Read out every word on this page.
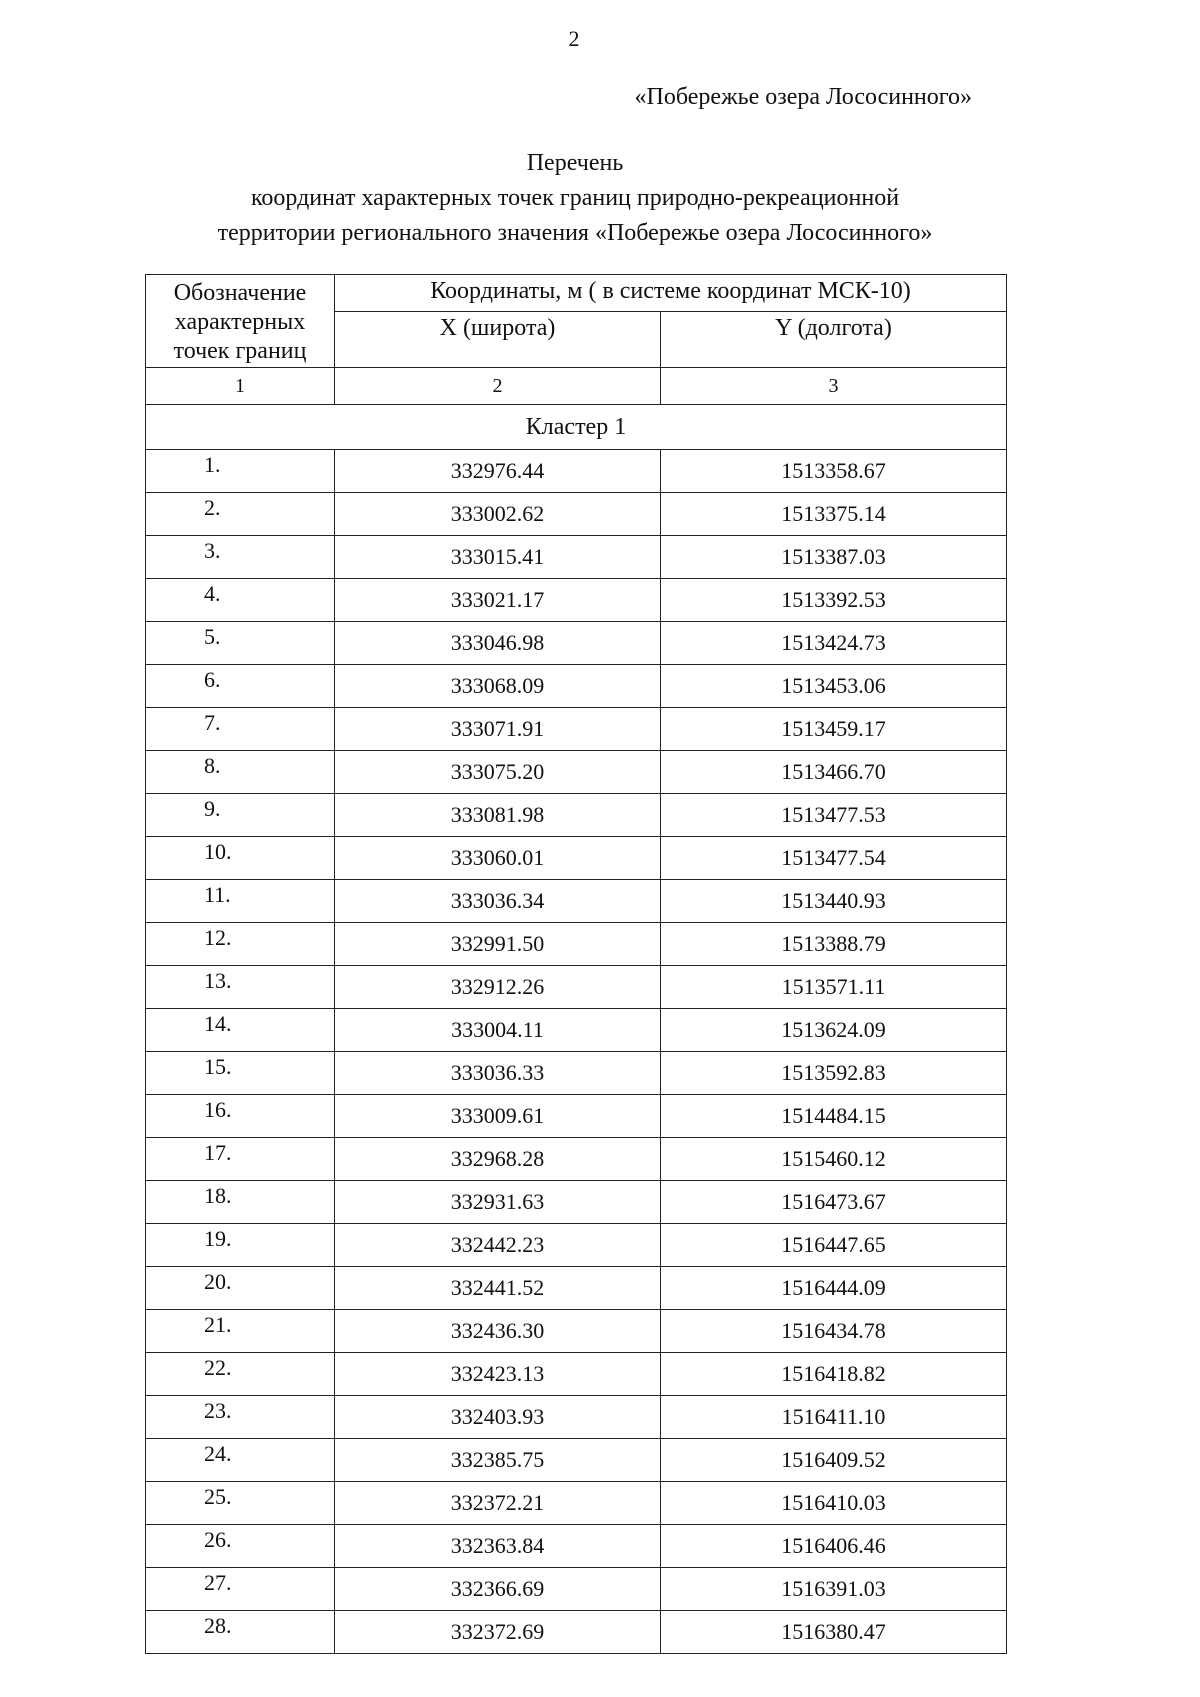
2
«Побережье озера Лососинного»
Перечень
координат характерных точек границ природно-рекреационной
территории регионального значения «Побережье озера Лососинного»
Обозначение характерных точек границ	Координаты, м ( в системе координат МСК-10)	
	X (широта)	Y (долгота)
1	2	3
Кластер 1		
1.	332976.44	1513358.67
2.	333002.62	1513375.14
3.	333015.41	1513387.03
4.	333021.17	1513392.53
5.	333046.98	1513424.73
6.	333068.09	1513453.06
7.	333071.91	1513459.17
8.	333075.20	1513466.70
9.	333081.98	1513477.53
10.	333060.01	1513477.54
11.	333036.34	1513440.93
12.	332991.50	1513388.79
13.	332912.26	1513571.11
14.	333004.11	1513624.09
15.	333036.33	1513592.83
16.	333009.61	1514484.15
17.	332968.28	1515460.12
18.	332931.63	1516473.67
19.	332442.23	1516447.65
20.	332441.52	1516444.09
21.	332436.30	1516434.78
22.	332423.13	1516418.82
23.	332403.93	1516411.10
24.	332385.75	1516409.52
25.	332372.21	1516410.03
26.	332363.84	1516406.46
27.	332366.69	1516391.03
28.	332372.69	1516380.47
